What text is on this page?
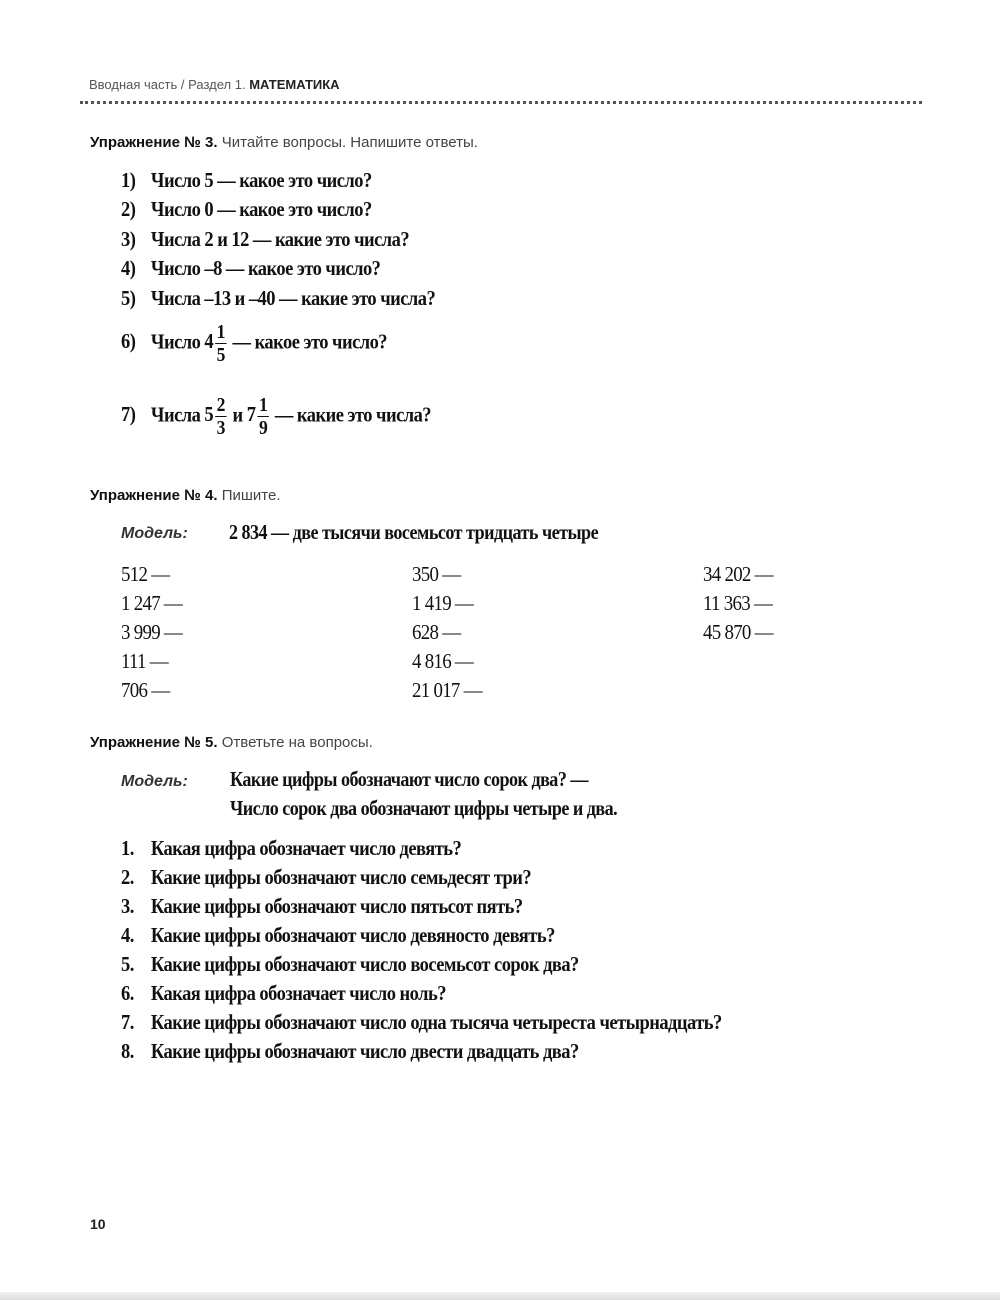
Вводная часть / Раздел 1. МАТЕМАТИКА
Упражнение № 3. Читайте вопросы. Напишите ответы.
1) Число 5 — какое это число?
2) Число 0 — какое это число?
3) Числа 2 и 12 — какие это числа?
4) Число –8 — какое это число?
5) Числа –13 и –40 — какие это числа?
6) Число $4 \frac{1}{5}$ — какое это число?
7) Числа $5 \frac{2}{3}$ и $7 \frac{1}{9}$ — какие это числа?
Упражнение № 4. Пишите.
Модель: 2 834 — две тысячи восемьсот тридцать четыре
512 —
1 247 —
3 999 —
111 —
706 —
350 —
1 419 —
628 —
4 816 —
21 017 —
34 202 —
11 363 —
45 870 —
Упражнение № 5. Ответьте на вопросы.
Модель: Какие цифры обозначают число сорок два? —
Число сорок два обозначают цифры четыре и два.
1. Какая цифра обозначает число девять?
2. Какие цифры обозначают число семьдесят три?
3. Какие цифры обозначают число пятьсот пять?
4. Какие цифры обозначают число девяносто девять?
5. Какие цифры обозначают число восемьсот сорок два?
6. Какая цифра обозначает число ноль?
7. Какие цифры обозначают число одна тысяча четыреста четырнадцать?
8. Какие цифры обозначают число двести двадцать два?
10
